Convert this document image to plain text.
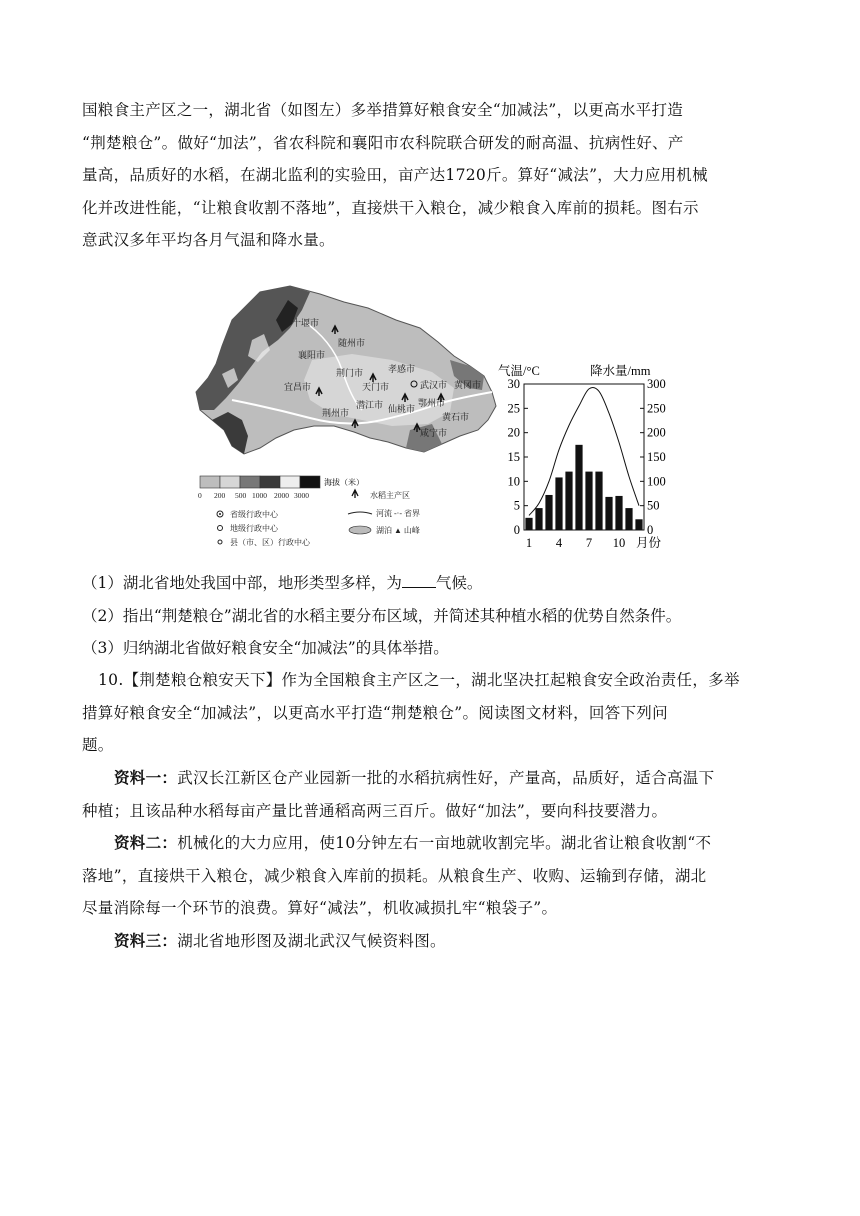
国粮食主产区之一，湖北省（如图左）多举措算好粮食安全“加减法”，以更高水平打造
“荆楚粮仓”。做好“加法”，省农科院和襄阳市农科院联合研发的耐高温、抗病性好、产
量高，品质好的水稻，在湖北监利的实验田，亩产达1720斤。算好“减法”，大力应用机械
化并改进性能，“让粮食收割不落地”，直接烘干入粮仓，减少粮食入库前的损耗。图右示
意武汉多年平均各月气温和降水量。
十堰市
随州市
襄阳市
孝感市
荆门市
天门市	武汉市 黄冈市
宜昌市
潜江市 仙桃市
鄂州市
荆州市
咸宁市
黄石市
海拔（米）
0 200 500 1000 2000 3000
省级行政中心
地级行政中心
县（市、区）行政中心
水稻主产区
河流 -·- 省界
湖泊 ▲ 山峰
气温/°C	降水量/mm
0
5
10
15
20
25
30
0
50
100
150
200
250
300
1 4 7 10 月份
（1）湖北省地处我国中部，地形类型多样，为 气候。
（2）指出“荆楚粮仓”湖北省的水稻主要分布区域，并简述其种植水稻的优势自然条件。
（3）归纳湖北省做好粮食安全“加减法”的具体举措。
10.【荆楚粮仓粮安天下】作为全国粮食主产区之一，湖北坚决扛起粮食安全政治责任，多举
措算好粮食安全“加减法”，以更高水平打造“荆楚粮仓”。阅读图文材料，回答下列问
题。
资料一：武汉长江新区仓产业园新一批的水稻抗病性好，产量高，品质好，适合高温下
种植；且该品种水稻每亩产量比普通稻高两三百斤。做好“加法”，要向科技要潜力。
资料二：机械化的大力应用，使10分钟左右一亩地就收割完毕。湖北省让粮食收割“不
落地”，直接烘干入粮仓，减少粮食入库前的损耗。从粮食生产、收购、运输到存储，湖北
尽量消除每一个环节的浪费。算好“减法”，机收减损扎牢“粮袋子”。
资料三：湖北省地形图及湖北武汉气候资料图。
